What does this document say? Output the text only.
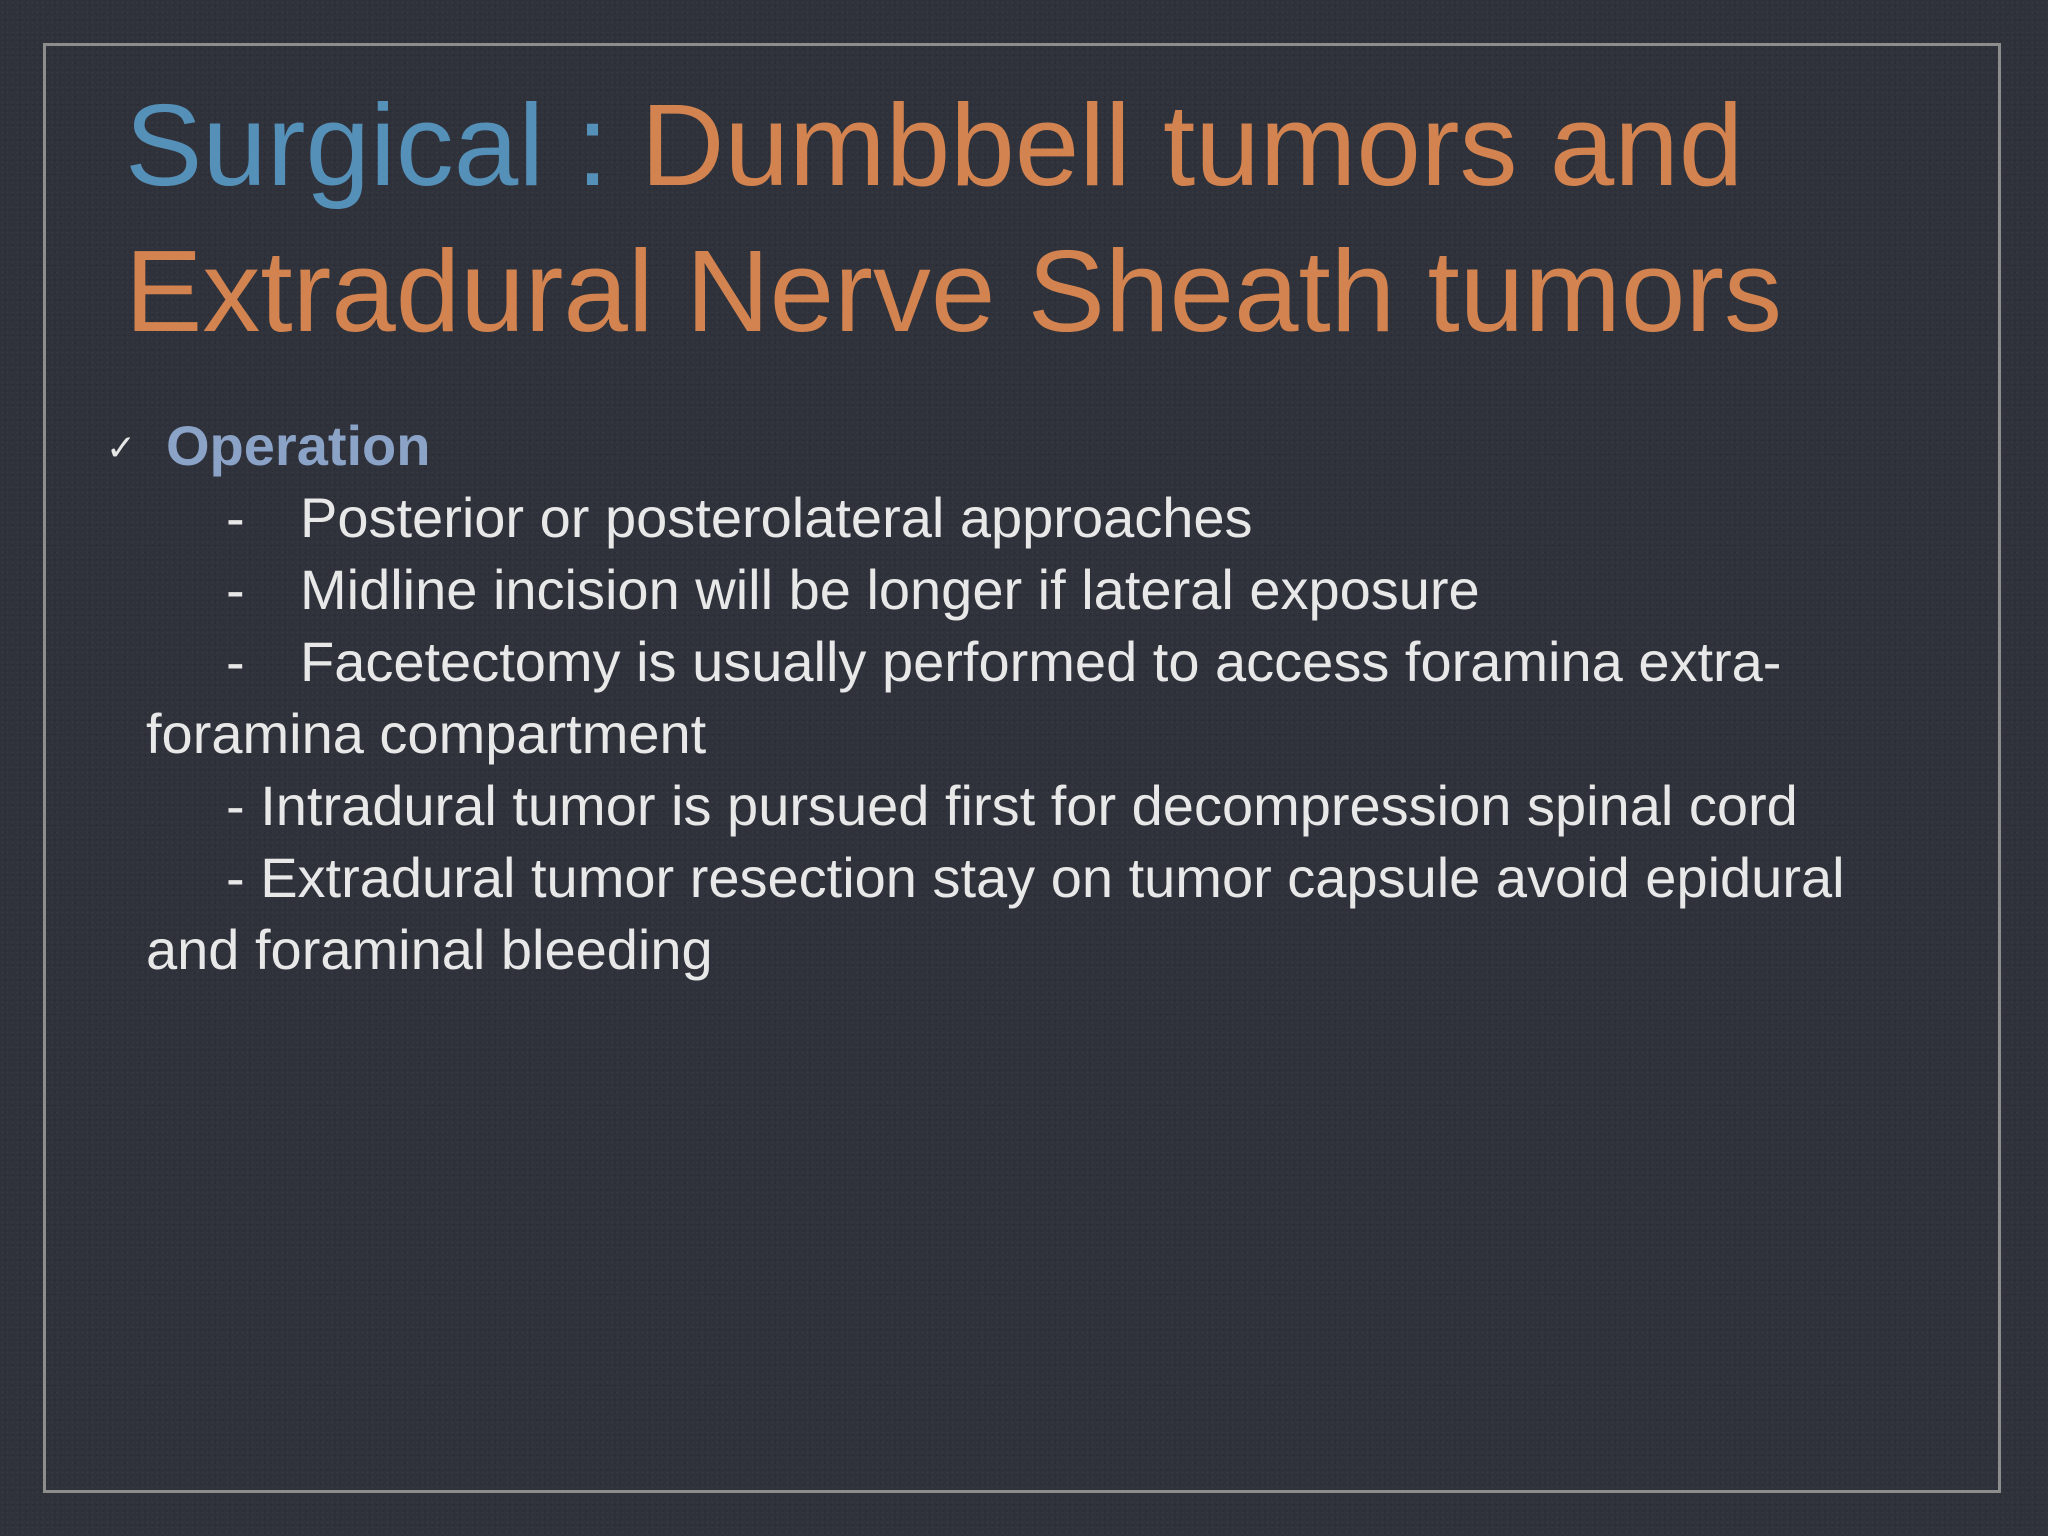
Surgical : Dumbbell tumors and Extradural Nerve Sheath tumors
✓ Operation
- Posterior or posterolateral approaches
- Midline incision will be longer if lateral exposure
- Facetectomy is usually performed to access foramina extra-
foramina compartment
- Intradural tumor is pursued first for decompression spinal cord
- Extradural tumor resection stay on tumor capsule avoid epidural
and foraminal bleeding
